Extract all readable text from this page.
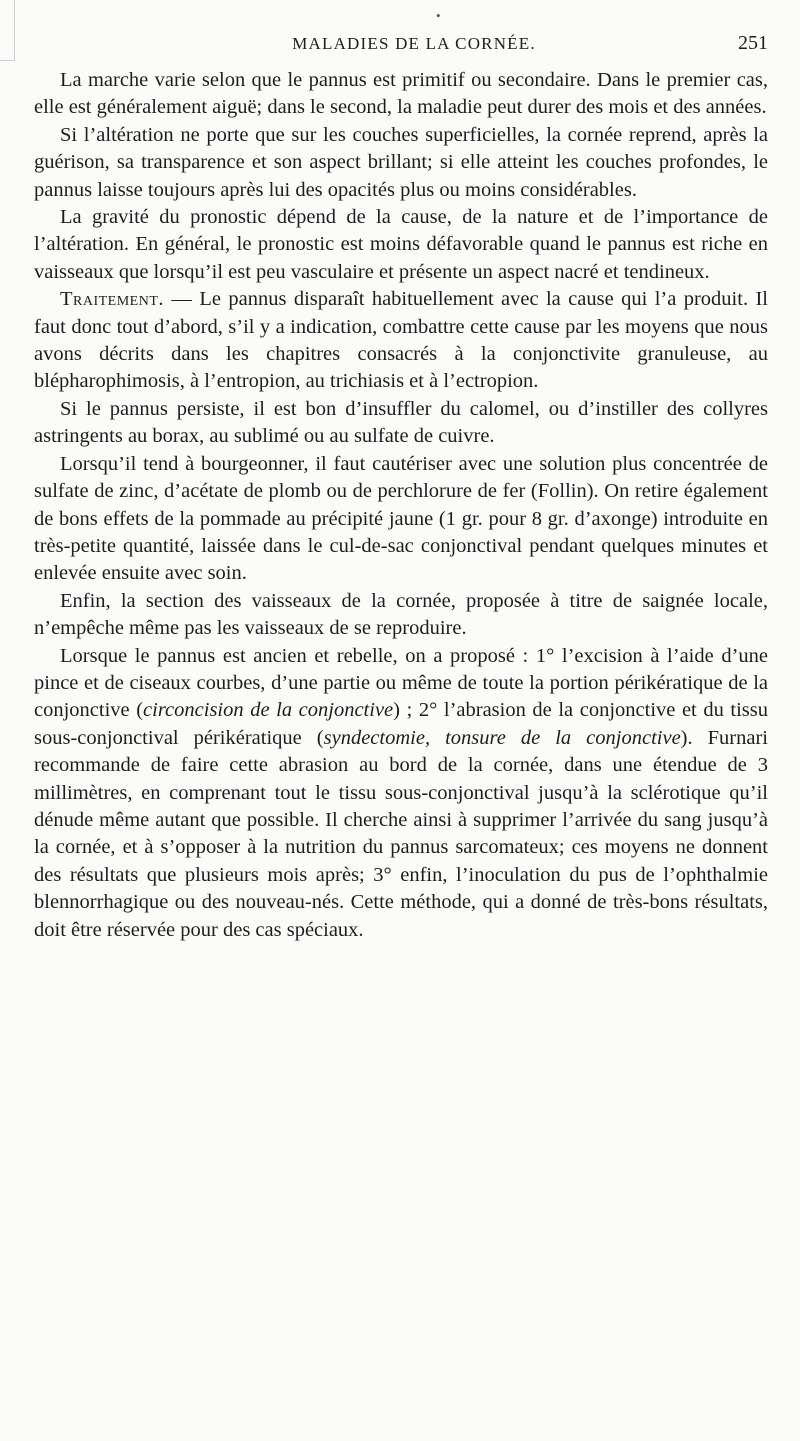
•
MALADIES DE LA CORNÉE.	251

La marche varie selon que le pannus est primitif ou secondaire. Dans le premier cas, elle est généralement aiguë; dans le second, la maladie peut durer des mois et des années.

Si l’altération ne porte que sur les couches superficielles, la cornée reprend, après la guérison, sa transparence et son aspect brillant; si elle atteint les couches profondes, le pannus laisse toujours après lui des opacités plus ou moins considérables.

La gravité du pronostic dépend de la cause, de la nature et de l’importance de l’altération. En général, le pronostic est moins défavorable quand le pannus est riche en vaisseaux que lorsqu’il est peu vasculaire et présente un aspect nacré et tendineux.

Traitement. — Le pannus disparaît habituellement avec la cause qui l’a produit. Il faut donc tout d’abord, s’il y a indication, combattre cette cause par les moyens que nous avons décrits dans les chapitres consacrés à la conjonctivite granuleuse, au blépharophimosis, à l’entropion, au trichiasis et à l’ectropion.

Si le pannus persiste, il est bon d’insuffler du calomel, ou d’instiller des collyres astringents au borax, au sublimé ou au sulfate de cuivre.

Lorsqu’il tend à bourgeonner, il faut cautériser avec une solution plus concentrée de sulfate de zinc, d’acétate de plomb ou de perchlorure de fer (Follin). On retire également de bons effets de la pommade au précipité jaune (1 gr. pour 8 gr. d’axonge) introduite en très-petite quantité, laissée dans le cul-de-sac conjonctival pendant quelques minutes et enlevée ensuite avec soin.

Enfin, la section des vaisseaux de la cornée, proposée à titre de saignée locale, n’empêche même pas les vaisseaux de se reproduire.

Lorsque le pannus est ancien et rebelle, on a proposé : 1° l’excision à l’aide d’une pince et de ciseaux courbes, d’une partie ou même de toute la portion périkératique de la conjonctive (circoncision de la conjonctive) ; 2° l’abrasion de la conjonctive et du tissu sous-conjonctival périkératique (syndectomie, tonsure de la conjonctive). Furnari recommande de faire cette abrasion au bord de la cornée, dans une étendue de 3 millimètres, en comprenant tout le tissu sous-conjonctival jusqu’à la sclérotique qu’il dénude même autant que possible. Il cherche ainsi à supprimer l’arrivée du sang jusqu’à la cornée, et à s’opposer à la nutrition du pannus sarcomateux; ces moyens ne donnent des résultats que plusieurs mois après; 3° enfin, l’inoculation du pus de l’ophthalmie blennorrhagique ou des nouveau-nés. Cette méthode, qui a donné de très-bons résultats, doit être réservée pour des cas spéciaux.
